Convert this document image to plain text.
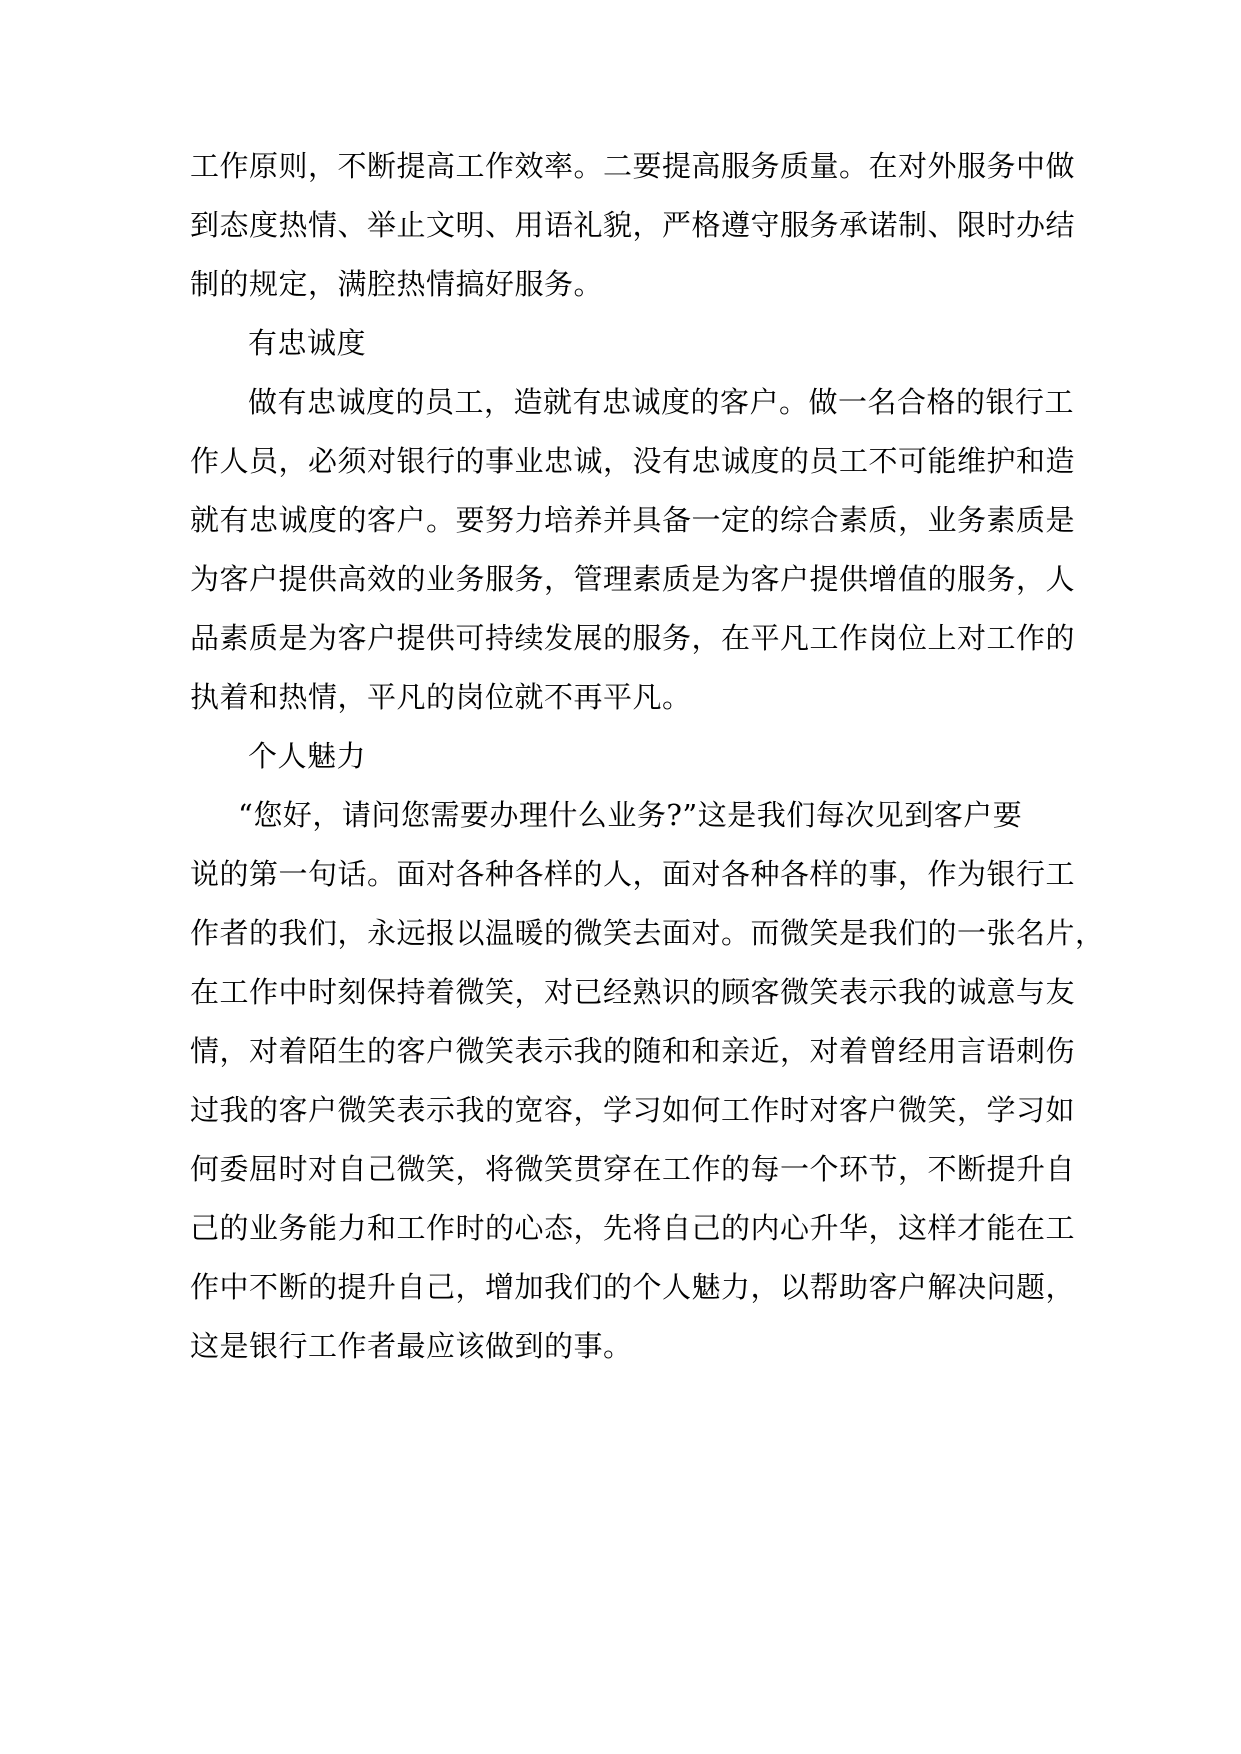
工作原则，不断提高工作效率。二要提高服务质量。在对外服务中做
到态度热情、举止文明、用语礼貌，严格遵守服务承诺制、限时办结
制的规定，满腔热情搞好服务。
有忠诚度
做有忠诚度的员工，造就有忠诚度的客户。做一名合格的银行工
作人员，必须对银行的事业忠诚，没有忠诚度的员工不可能维护和造
就有忠诚度的客户。要努力培养并具备一定的综合素质，业务素质是
为客户提供高效的业务服务，管理素质是为客户提供增值的服务，人
品素质是为客户提供可持续发展的服务，在平凡工作岗位上对工作的
执着和热情，平凡的岗位就不再平凡。
个人魅力
“您好，请问您需要办理什么业务?”这是我们每次见到客户要
说的第一句话。面对各种各样的人，面对各种各样的事，作为银行工
作者的我们，永远报以温暖的微笑去面对。而微笑是我们的一张名片，
在工作中时刻保持着微笑，对已经熟识的顾客微笑表示我的诚意与友
情，对着陌生的客户微笑表示我的随和和亲近，对着曾经用言语刺伤
过我的客户微笑表示我的宽容，学习如何工作时对客户微笑，学习如
何委屈时对自己微笑，将微笑贯穿在工作的每一个环节，不断提升自
己的业务能力和工作时的心态，先将自己的内心升华，这样才能在工
作中不断的提升自己，增加我们的个人魅力，以帮助客户解决问题，
这是银行工作者最应该做到的事。
